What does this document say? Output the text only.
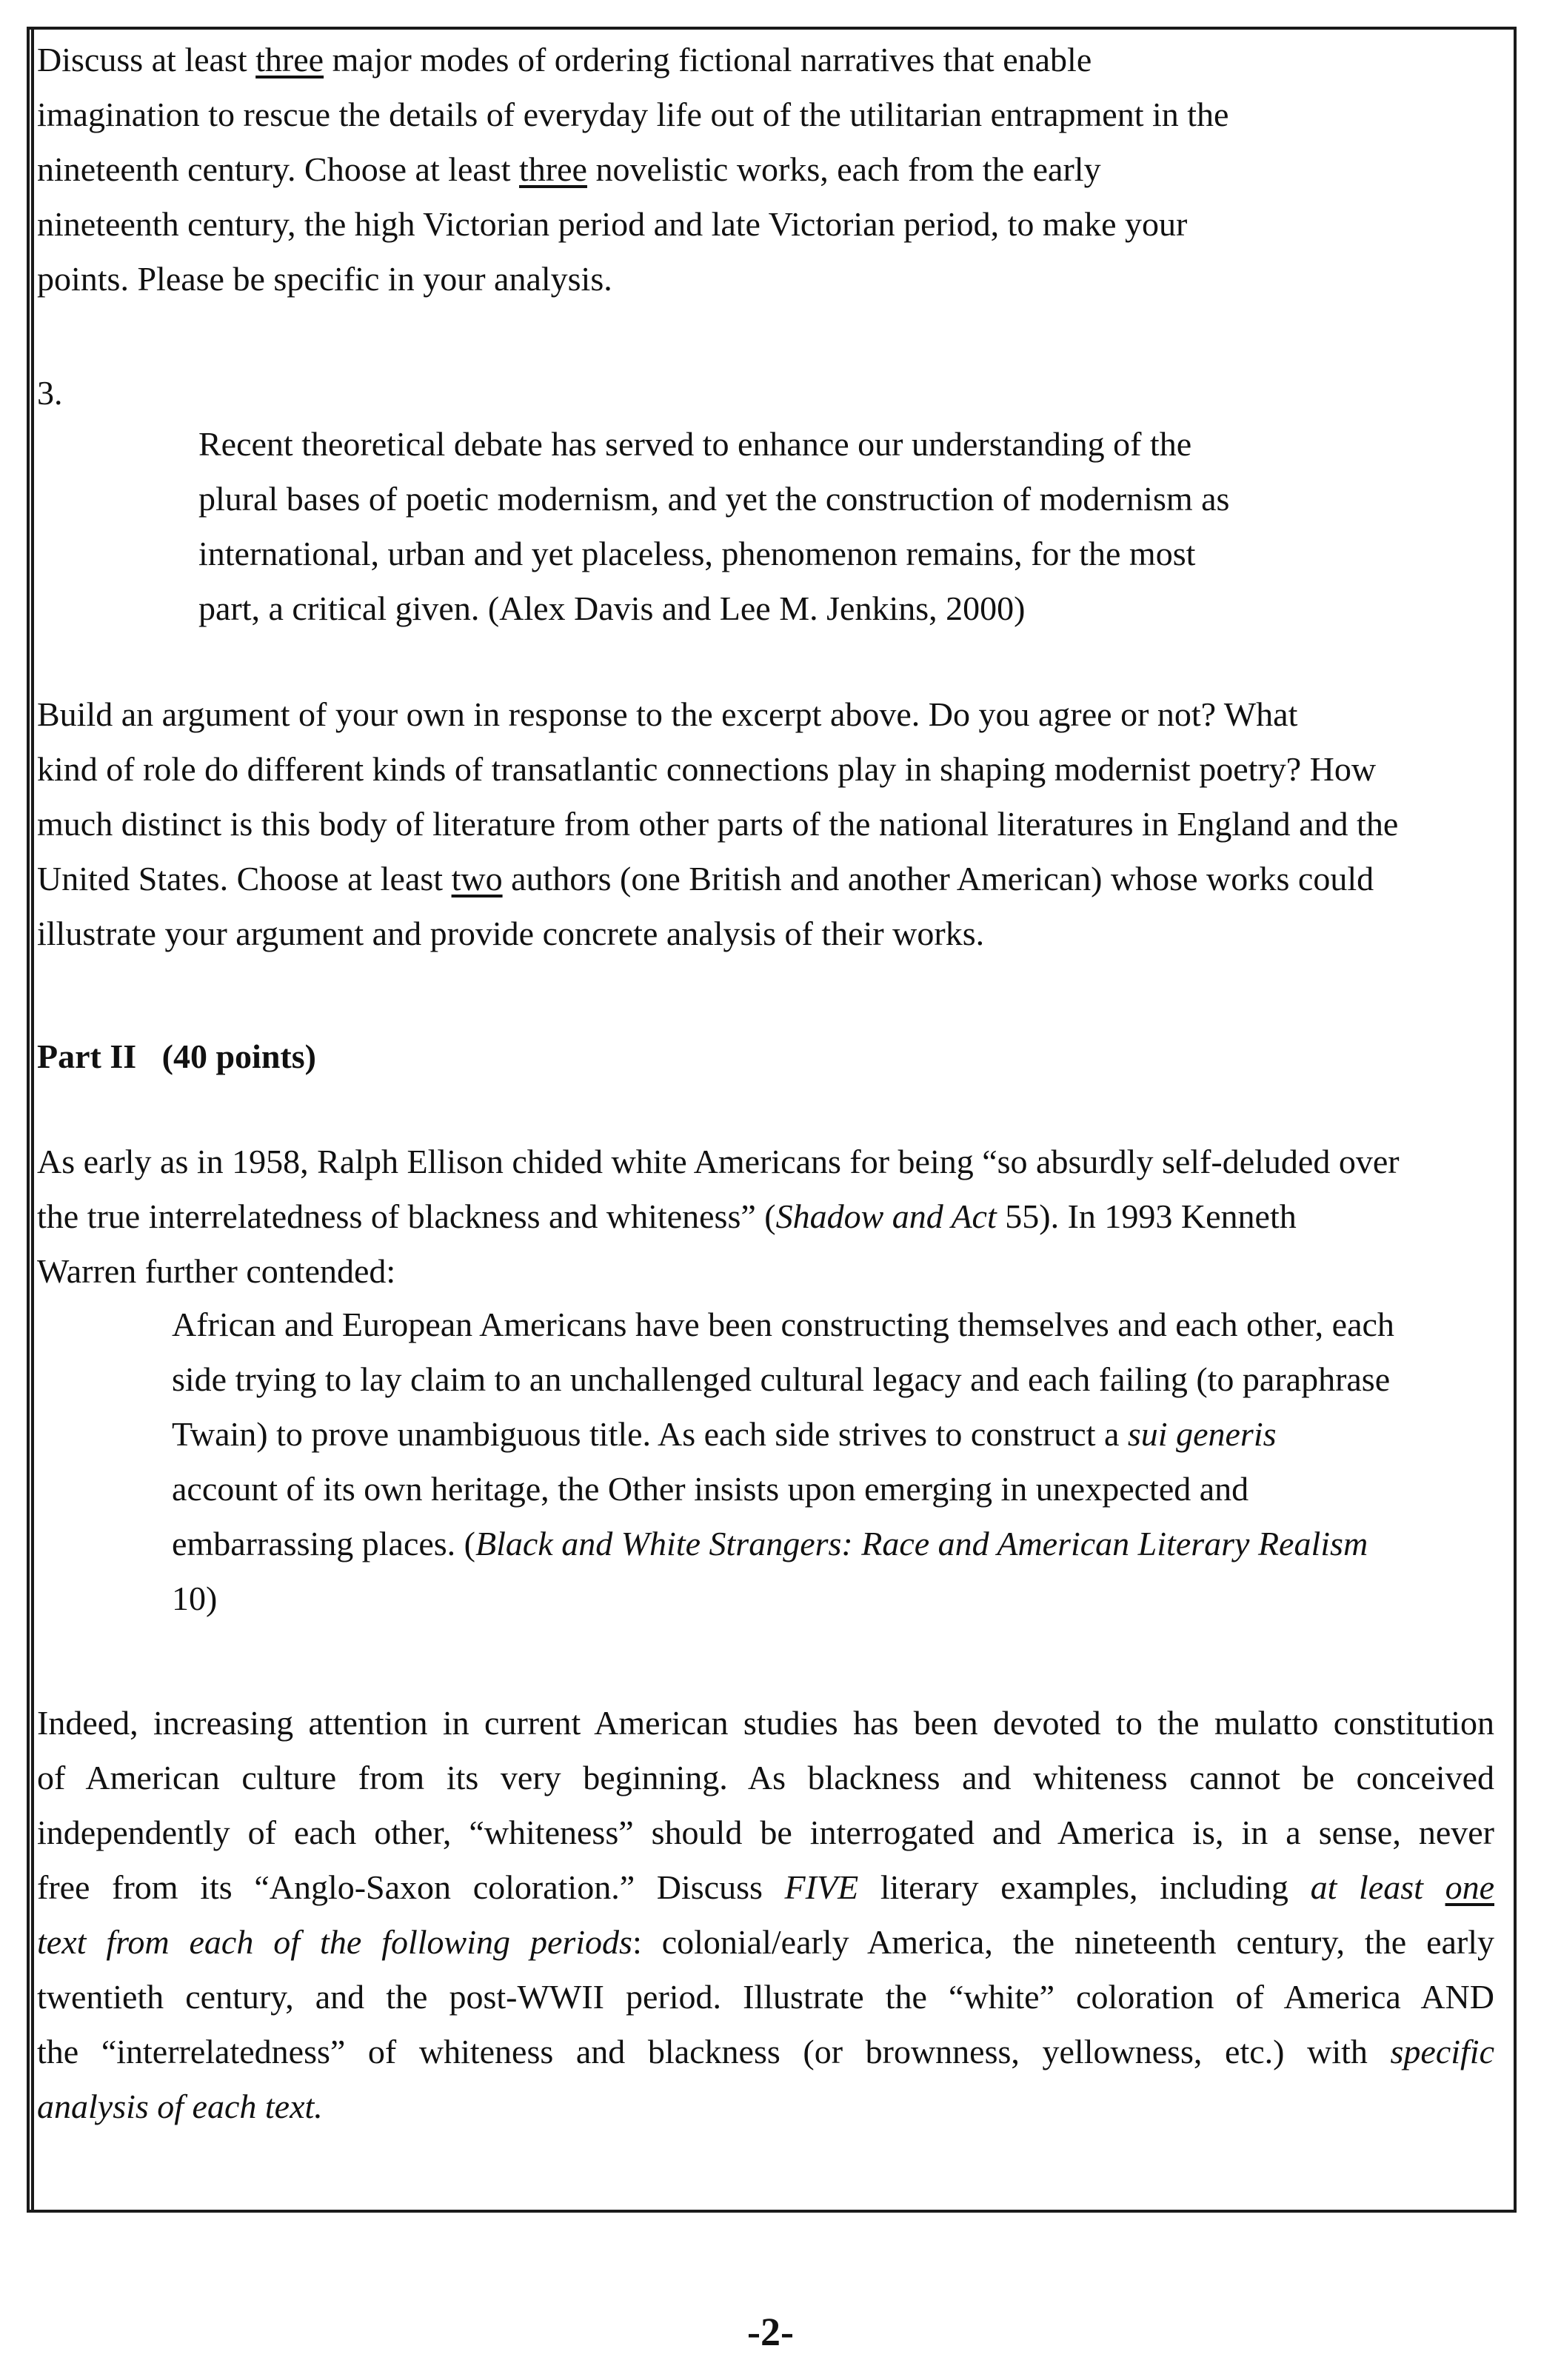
Discuss at least three major modes of ordering fictional narratives that enable
imagination to rescue the details of everyday life out of the utilitarian entrapment in the
nineteenth century. Choose at least three novelistic works, each from the early
nineteenth century, the high Victorian period and late Victorian period, to make your
points. Please be specific in your analysis.
3.
Recent theoretical debate has served to enhance our understanding of the
plural bases of poetic modernism, and yet the construction of modernism as
international, urban and yet placeless, phenomenon remains, for the most
part, a critical given. (Alex Davis and Lee M. Jenkins, 2000)
Build an argument of your own in response to the excerpt above. Do you agree or not? What
kind of role do different kinds of transatlantic connections play in shaping modernist poetry? How
much distinct is this body of literature from other parts of the national literatures in England and the
United States. Choose at least two authors (one British and another American) whose works could
illustrate your argument and provide concrete analysis of their works.
Part II (40 points)
As early as in 1958, Ralph Ellison chided white Americans for being “so absurdly self-deluded over
the true interrelatedness of blackness and whiteness” (Shadow and Act 55). In 1993 Kenneth
Warren further contended:
African and European Americans have been constructing themselves and each other, each
side trying to lay claim to an unchallenged cultural legacy and each failing (to paraphrase
Twain) to prove unambiguous title. As each side strives to construct a sui generis
account of its own heritage, the Other insists upon emerging in unexpected and
embarrassing places. (Black and White Strangers: Race and American Literary Realism
10)
Indeed, increasing attention in current American studies has been devoted to the mulatto constitution
of American culture from its very beginning. As blackness and whiteness cannot be conceived
independently of each other, “whiteness” should be interrogated and America is, in a sense, never
free from its “Anglo-Saxon coloration.” Discuss FIVE literary examples, including at least one
text from each of the following periods: colonial/early America, the nineteenth century, the early
twentieth century, and the post-WWII period. Illustrate the “white” coloration of America AND
the “interrelatedness” of whiteness and blackness (or brownness, yellowness, etc.) with specific
analysis of each text.
-2-
